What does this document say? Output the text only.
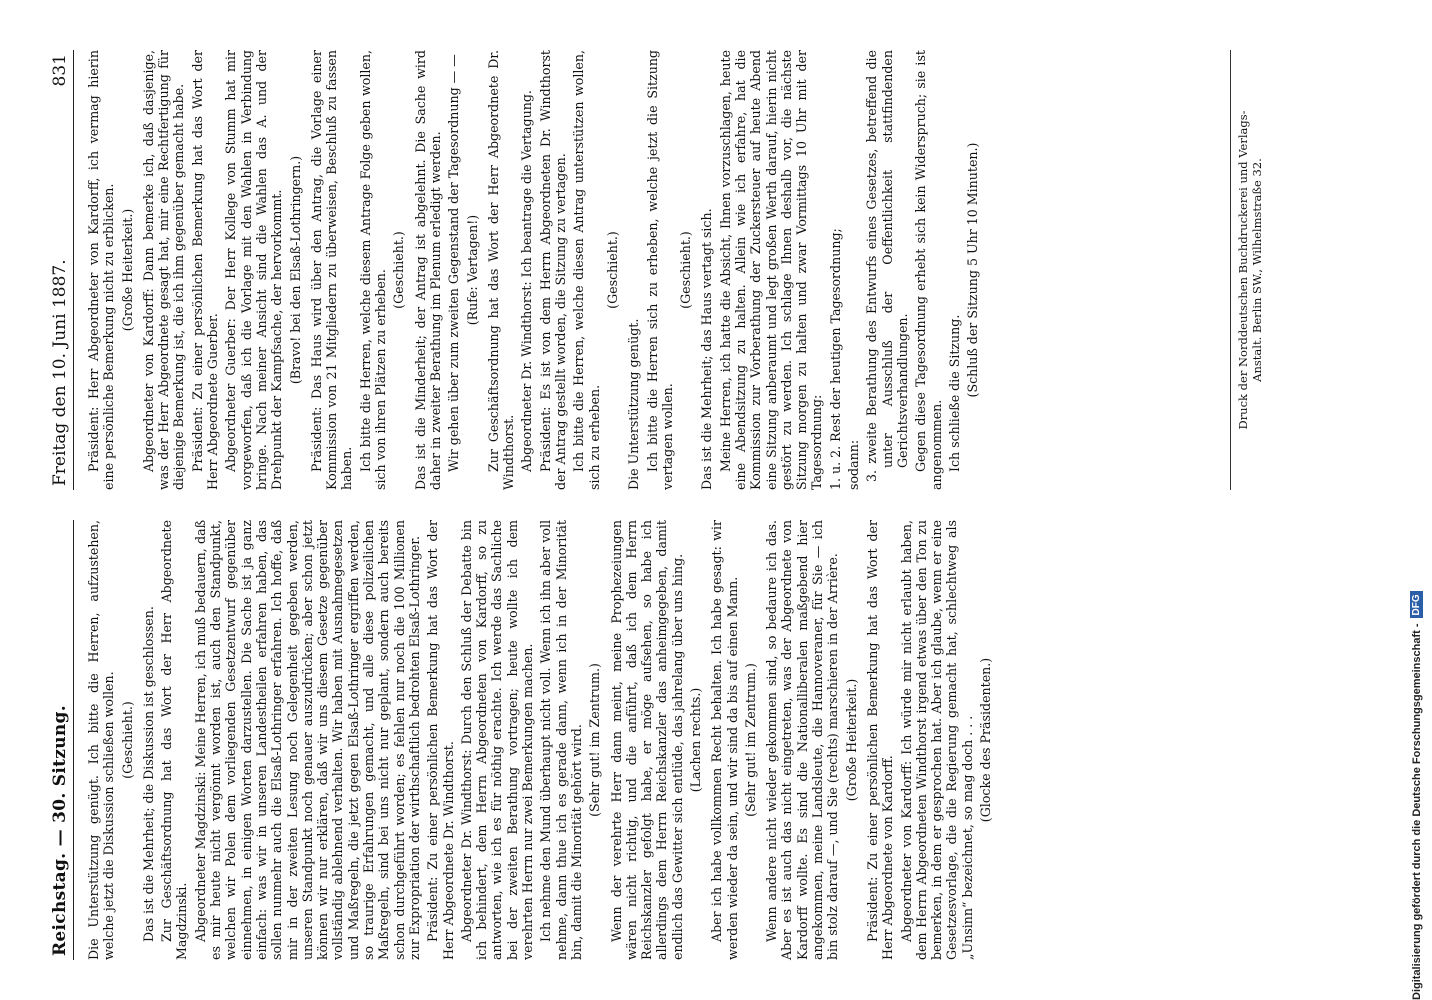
Reichstag. — 30. Sitzung.
Freitag den 10. Juni 1887.
831

Die Unterstützung genügt. Ich bitte die Herren, aufzustehen, welche jetzt die Diskussion schließen wollen. (Geschieht.) Das ist die Mehrheit; die Diskussion ist geschlossen. Zur Geschäftsordnung hat das Wort der Herr Abgeordnete Magdzinski. Abgeordneter Magdzinski: Meine Herren, ich muß bedauern, daß es mir heute nicht vergönnt worden ist, auch den Standpunkt, welchen wir Polen dem vorliegenden Gesetzentwurf gegenüber einnehmen, in einigen Worten darzustellen. Die Sache ist ja ganz einfach: was wir in unseren Landestheilen erfahren haben, das sollen nunmehr auch die Elsaß-Lothringer erfahren. Ich hoffe, daß mir in der zweiten Lesung noch Gelegenheit gegeben werden, unseren Standpunkt noch genauer auszudrücken; aber schon jetzt können wir nur erklären, daß wir uns diesem Gesetze gegenüber vollständig ablehnend verhalten. Wir haben mit Ausnahmegesetzen und Maßregeln, die jetzt gegen Elsaß-Lothringer ergriffen werden, so traurige Erfahrungen gemacht, und alle diese polizeilichen Maßregeln, sind bei uns nicht nur geplant, sondern auch bereits schon durchgeführt worden; es fehlen nur noch die 100 Millionen zur Expropriation der wirthschaftlich bedrohten Elsaß-Lothringer. Präsident: Zu einer persönlichen Bemerkung hat das Wort der Herr Abgeordnete Dr. Windthorst. Abgeordneter Dr. Windthorst: Durch den Schluß der Debatte bin ich behindert, dem Herrn Abgeordneten von Kardorff, so zu antworten, wie ich es für nöthig erachte. Ich werde das Sachliche bei der zweiten Berathung vortragen; heute wollte ich dem verehrten Herrn nur zwei Bemerkungen machen. Ich nehme den Mund überhaupt nicht voll. Wenn ich ihn aber voll nehme, dann thue ich es gerade dann, wenn ich in der Minorität bin, damit die Minorität gehört wird. (Sehr gut! im Zentrum.) Wenn der verehrte Herr dann meint, meine Prophezeiungen wären nicht richtig, und die anführt, daß ich dem Herrn Reichskanzler gefolgt habe, er möge aufsehen, so habe ich allerdings dem Herrn Reichskanzler das anheimgegeben, damit endlich das Gewitter sich entlüde, das jahrelang über uns hing. (Lachen rechts.) Aber ich habe vollkommen Recht behalten. Ich habe gesagt: wir werden wieder da sein, und wir sind da bis auf einen Mann. (Sehr gut! im Zentrum.) Wenn andere nicht wieder gekommen sind, so bedaure ich das. Aber es ist auch das nicht eingetreten, was der Abgeordnete von Kardorff wollte. Es sind die Nationalliberalen maßgebend hier angekommen, meine Landsleute, die Hannoveraner, für Sie — ich bin stolz darauf —, und Sie (rechts) marschieren in der Arrière. (Große Heiterkeit.) Präsident: Zu einer persönlichen Bemerkung hat das Wort der Herr Abgeordnete von Kardorff. Abgeordneter von Kardorff: Ich würde mir nicht erlaubt haben, dem Herrn Abgeordneten Windthorst irgend etwas über den Ton zu bemerken, in dem er gesprochen hat. Aber ich glaube, wenn er eine Gesetzesvorlage, die die Regierung gemacht hat, schlechtweg als „Unsinn“ bezeichnet, so mag doch . . . (Glocke des Präsidenten.)

Präsident: Herr Abgeordneter von Kardorff, ich vermag hierin eine persönliche Bemerkung nicht zu erblicken. (Große Heiterkeit.) Abgeordneter von Kardorff: Dann bemerke ich, daß dasjenige, was der Herr Abgeordnete gesagt hat, mir eine Rechtfertigung für diejenige Bemerkung ist, die ich ihm gegenüber gemacht habe. Präsident: Zu einer persönlichen Bemerkung hat das Wort der Herr Abgeordnete Guerber. Abgeordneter Guerber: Der Herr Kollege von Stumm hat mir vorgeworfen, daß ich die Vorlage mit den Wahlen in Verbindung bringe. Nach meiner Ansicht sind die Wahlen das A. und der Drehpunkt der Kampfsache, der hervorkommt. (Bravo! bei den Elsaß-Lothringern.) Präsident: Das Haus wird über den Antrag, die Vorlage einer Kommission von 21 Mitgliedern zu überweisen, Beschluß zu fassen haben. Ich bitte die Herren, welche diesem Antrage Folge geben wollen, sich von ihren Plätzen zu erheben. (Geschieht.) Das ist die Minderheit; der Antrag ist abgelehnt. Die Sache wird daher in zweiter Berathung im Plenum erledigt werden. Wir gehen über zum zweiten Gegenstand der Tagesordnung — — (Rufe: Vertagen!) Zur Geschäftsordnung hat das Wort der Herr Abgeordnete Dr. Windthorst. Abgeordneter Dr. Windthorst: Ich beantrage die Vertagung. Präsident: Es ist von dem Herrn Abgeordneten Dr. Windthorst der Antrag gestellt worden, die Sitzung zu vertagen. Ich bitte die Herren, welche diesen Antrag unterstützen wollen, sich zu erheben.

(Geschieht.)

Die Unterstützung genügt. Ich bitte die Herren sich zu erheben, welche jetzt die Sitzung vertagen wollen.

(Geschieht.) Das ist die Mehrheit; das Haus vertagt sich. Meine Herren, ich hatte die Absicht, Ihnen vorzuschlagen, heute eine Abendsitzung zu halten. Allein wie ich erfahre, hat die Kommission zur Vorberathung der Zuckersteuer auf heute Abend eine Sitzung anberaumt und legt großen Werth darauf, hierin nicht gestört zu werden. Ich schlage Ihnen deshalb vor, die nächste Sitzung morgen zu halten und zwar Vormittags 10 Uhr mit der Tagesordnung: 1. u. 2. Rest der heutigen Tagesordnung; sodann: 3. zweite Berathung des Entwurfs eines Gesetzes, betreffend die unter Ausschluß der Oeffentlichkeit stattfindenden Gerichtsverhandlungen. Gegen diese Tagesordnung erhebt sich kein Widerspruch; sie ist angenommen. Ich schließe die Sitzung. (Schluß der Sitzung 5 Uhr 10 Minuten.)	Druck der Norddeutschen Buchdruckerei und Verlags-Anstalt. Berlin SW., Wilhelmstraße 32.
Digitalisierung gefördert durch die Deutsche Forschungsgemeinschaft -
DFG
